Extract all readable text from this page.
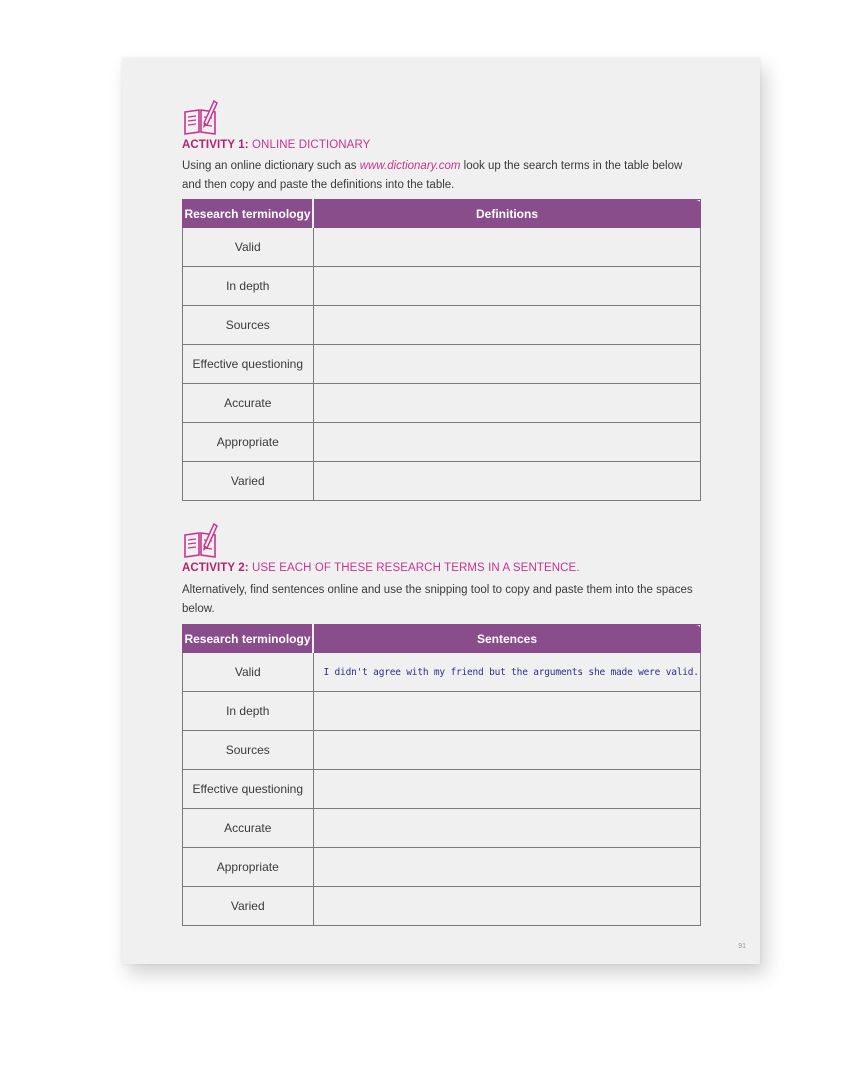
ACTIVITY 1: ONLINE DICTIONARY
Using an online dictionary such as www.dictionary.com look up the search terms in the table below and then copy and paste the definitions into the table.
Research terminology	Definitions
Valid	
In depth	
Sources	
Effective questioning	
Accurate	
Appropriate	
Varied	
ACTIVITY 2: USE EACH OF THESE RESEARCH TERMS IN A SENTENCE.
Alternatively, find sentences online and use the snipping tool to copy and paste them into the spaces below.
Research terminology	Sentences
Valid	I didn't agree with my friend but the arguments she made were valid.
In depth	
Sources	
Effective questioning	
Accurate	
Appropriate	
Varied	
91
